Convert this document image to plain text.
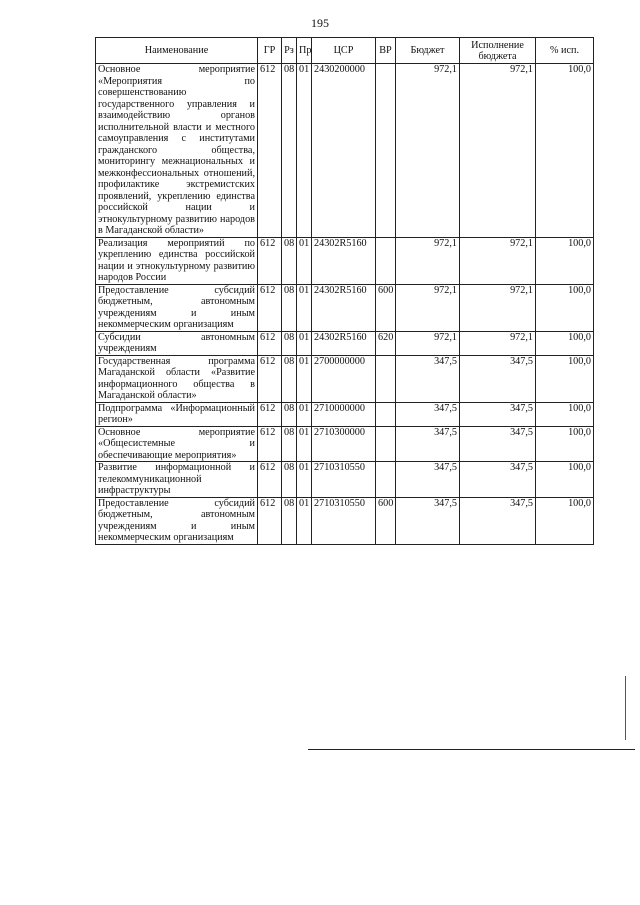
195
Наименование	ГР	Рз	Пр	ЦСР	ВР	Бюджет	Исполнение бюджета	% исп.
Основное мероприятие «Мероприятия по совершенствованию государственного управления и взаимодействию органов исполнительной власти и местного самоуправления с институтами гражданского общества, мониторингу межнациональных и межконфессиональных отношений, профилактике экстремистских проявлений, укреплению единства российской нации и этнокультурному развитию народов в Магаданской области»	612	08	01	2430200000		972,1	972,1	100,0
Реализация мероприятий по укреплению единства российской нации и этнокультурному развитию народов России	612	08	01	24302R5160		972,1	972,1	100,0
Предоставление субсидий бюджетным, автономным учреждениям и иным некоммерческим организациям	612	08	01	24302R5160	600	972,1	972,1	100,0
Субсидии автономным учреждениям	612	08	01	24302R5160	620	972,1	972,1	100,0
Государственная программа Магаданской области «Развитие информационного общества в Магаданской области»	612	08	01	2700000000		347,5	347,5	100,0
Подпрограмма «Информационный регион»	612	08	01	2710000000		347,5	347,5	100,0
Основное мероприятие «Общесистемные и обеспечивающие мероприятия»	612	08	01	2710300000		347,5	347,5	100,0
Развитие информационной и телекоммуникационной инфраструктуры	612	08	01	2710310550		347,5	347,5	100,0
Предоставление субсидий бюджетным, автономным учреждениям и иным некоммерческим организациям	612	08	01	2710310550	600	347,5	347,5	100,0
